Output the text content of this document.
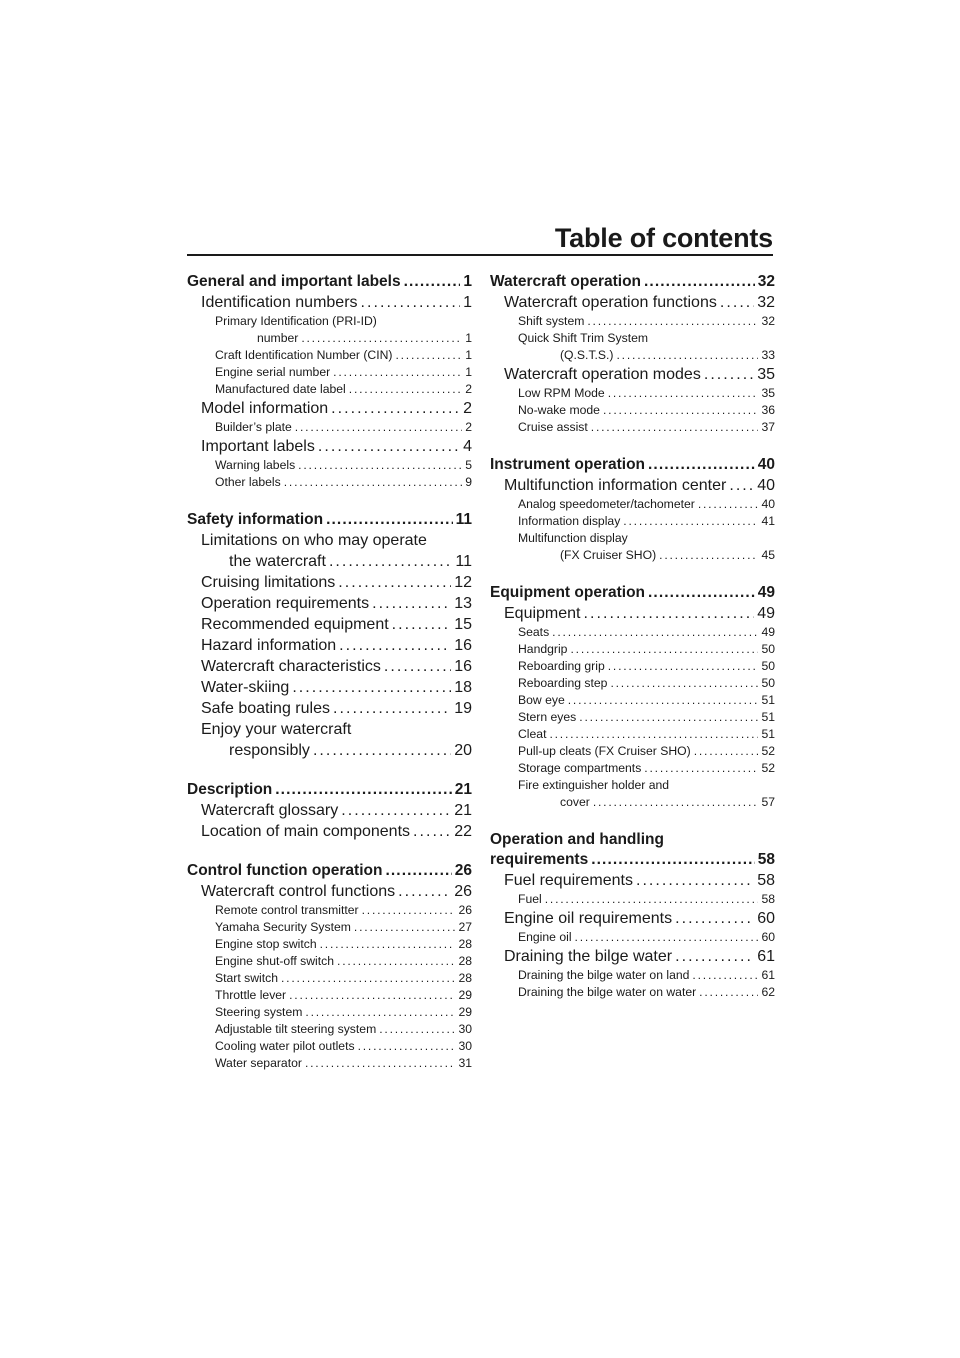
Table of contents
General and important labels . . .	1
Identification numbers . . .	1
Primary Identification (PRI-ID)
number . . .	1
Craft Identification Number (CIN) . . .	1
Engine serial number . . .	1
Manufactured date label . . .	2
Model information . . .	2
Builder’s plate . . .	2
Important labels . . .	4
Warning labels . . .	5
Other labels . . .	9
Safety information . . .	11
Limitations on who may operate
the watercraft . . .	11
Cruising limitations . . .	12
Operation requirements . . .	13
Recommended equipment . . .	15
Hazard information . . .	16
Watercraft characteristics . . .	16
Water-skiing . . .	18
Safe boating rules . . .	19
Enjoy your watercraft
responsibly . . .	20
Description . . .	21
Watercraft glossary . . .	21
Location of main components . . .	22
Control function operation . . .	26
Watercraft control functions . . .	26
Remote control transmitter . . .	26
Yamaha Security System . . .	27
Engine stop switch . . .	28
Engine shut-off switch . . .	28
Start switch . . .	28
Throttle lever . . .	29
Steering system . . .	29
Adjustable tilt steering system . . .	30
Cooling water pilot outlets . . .	30
Water separator . . .	31
Watercraft operation . . .	32
Watercraft operation functions . . .	32
Shift system . . .	32
Quick Shift Trim System
(Q.S.T.S.) . . .	33
Watercraft operation modes . . .	35
Low RPM Mode . . .	35
No-wake mode . . .	36
Cruise assist . . .	37
Instrument operation . . .	40
Multifunction information center . . . 40
Analog speedometer/tachometer . . .	40
Information display . . .	41
Multifunction display
(FX Cruiser SHO) . . .	45
Equipment operation . . .	49
Equipment . . .	49
Seats . . .	49
Handgrip . . .	50
Reboarding grip . . .	50
Reboarding step . . .	50
Bow eye . . .	51
Stern eyes . . .	51
Cleat . . .	51
Pull-up cleats (FX Cruiser SHO) . . .	52
Storage compartments . . .	52
Fire extinguisher holder and
cover . . .	57
Operation and handling
requirements . . .	58
Fuel requirements . . .	58
Fuel . . .	58
Engine oil requirements . . .	60
Engine oil . . .	60
Draining the bilge water . . .	61
Draining the bilge water on land . . .	61
Draining the bilge water on water . . .	62
